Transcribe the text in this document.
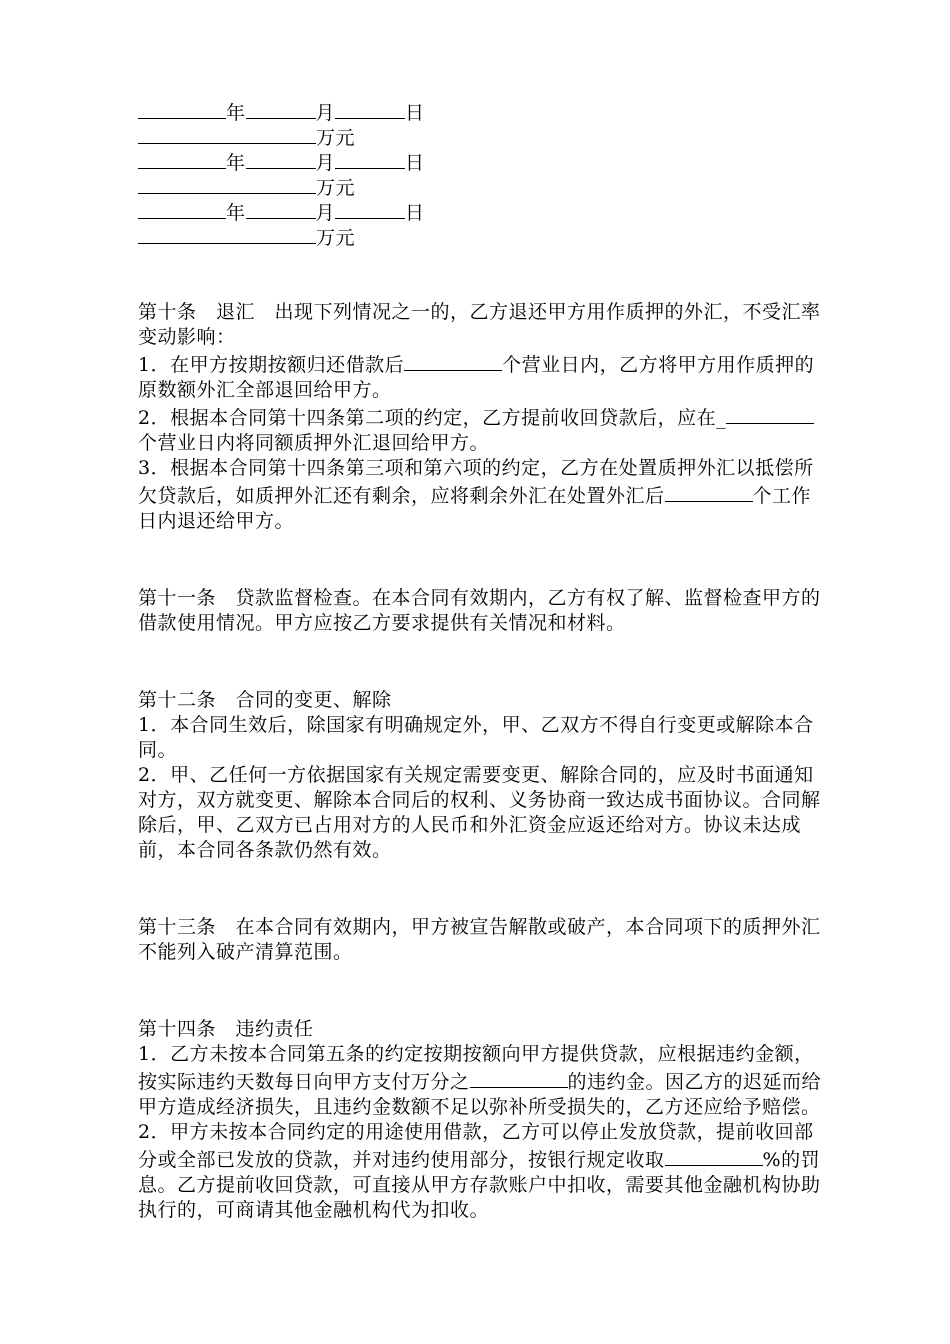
年	月	日
万元
年	月	日
万元
年	月	日
万元
第十条　退汇　出现下列情况之一的，乙方退还甲方用作质押的外汇，不受汇率变动影响：
1．在甲方按期按额归还借款后	个营业日内，乙方将甲方用作质押的原数额外汇全部退回给甲方。
2．根据本合同第十四条第二项的约定，乙方提前收回贷款后，应在_个营业日内将同额质押外汇退回给甲方。
3．根据本合同第十四条第三项和第六项的约定，乙方在处置质押外汇以抵偿所欠贷款后，如质押外汇还有剩余，应将剩余外汇在处置外汇后	个工作日内退还给甲方。
第十一条　贷款监督检查。在本合同有效期内，乙方有权了解、监督检查甲方的借款使用情况。甲方应按乙方要求提供有关情况和材料。
第十二条　合同的变更、解除
1．本合同生效后，除国家有明确规定外，甲、乙双方不得自行变更或解除本合同。
2．甲、乙任何一方依据国家有关规定需要变更、解除合同的，应及时书面通知对方，双方就变更、解除本合同后的权利、义务协商一致达成书面协议。合同解除后，甲、乙双方已占用对方的人民币和外汇资金应返还给对方。协议未达成前，本合同各条款仍然有效。
第十三条　在本合同有效期内，甲方被宣告解散或破产，本合同项下的质押外汇不能列入破产清算范围。
第十四条　违约责任
1．乙方未按本合同第五条的约定按期按额向甲方提供贷款，应根据违约金额，按实际违约天数每日向甲方支付万分之	的违约金。因乙方的迟延而给甲方造成经济损失，且违约金数额不足以弥补所受损失的，乙方还应给予赔偿。
2．甲方未按本合同约定的用途使用借款，乙方可以停止发放贷款，提前收回部分或全部已发放的贷款，并对违约使用部分，按银行规定收取	%的罚息。乙方提前收回贷款，可直接从甲方存款账户中扣收，需要其他金融机构协助执行的，可商请其他金融机构代为扣收。
